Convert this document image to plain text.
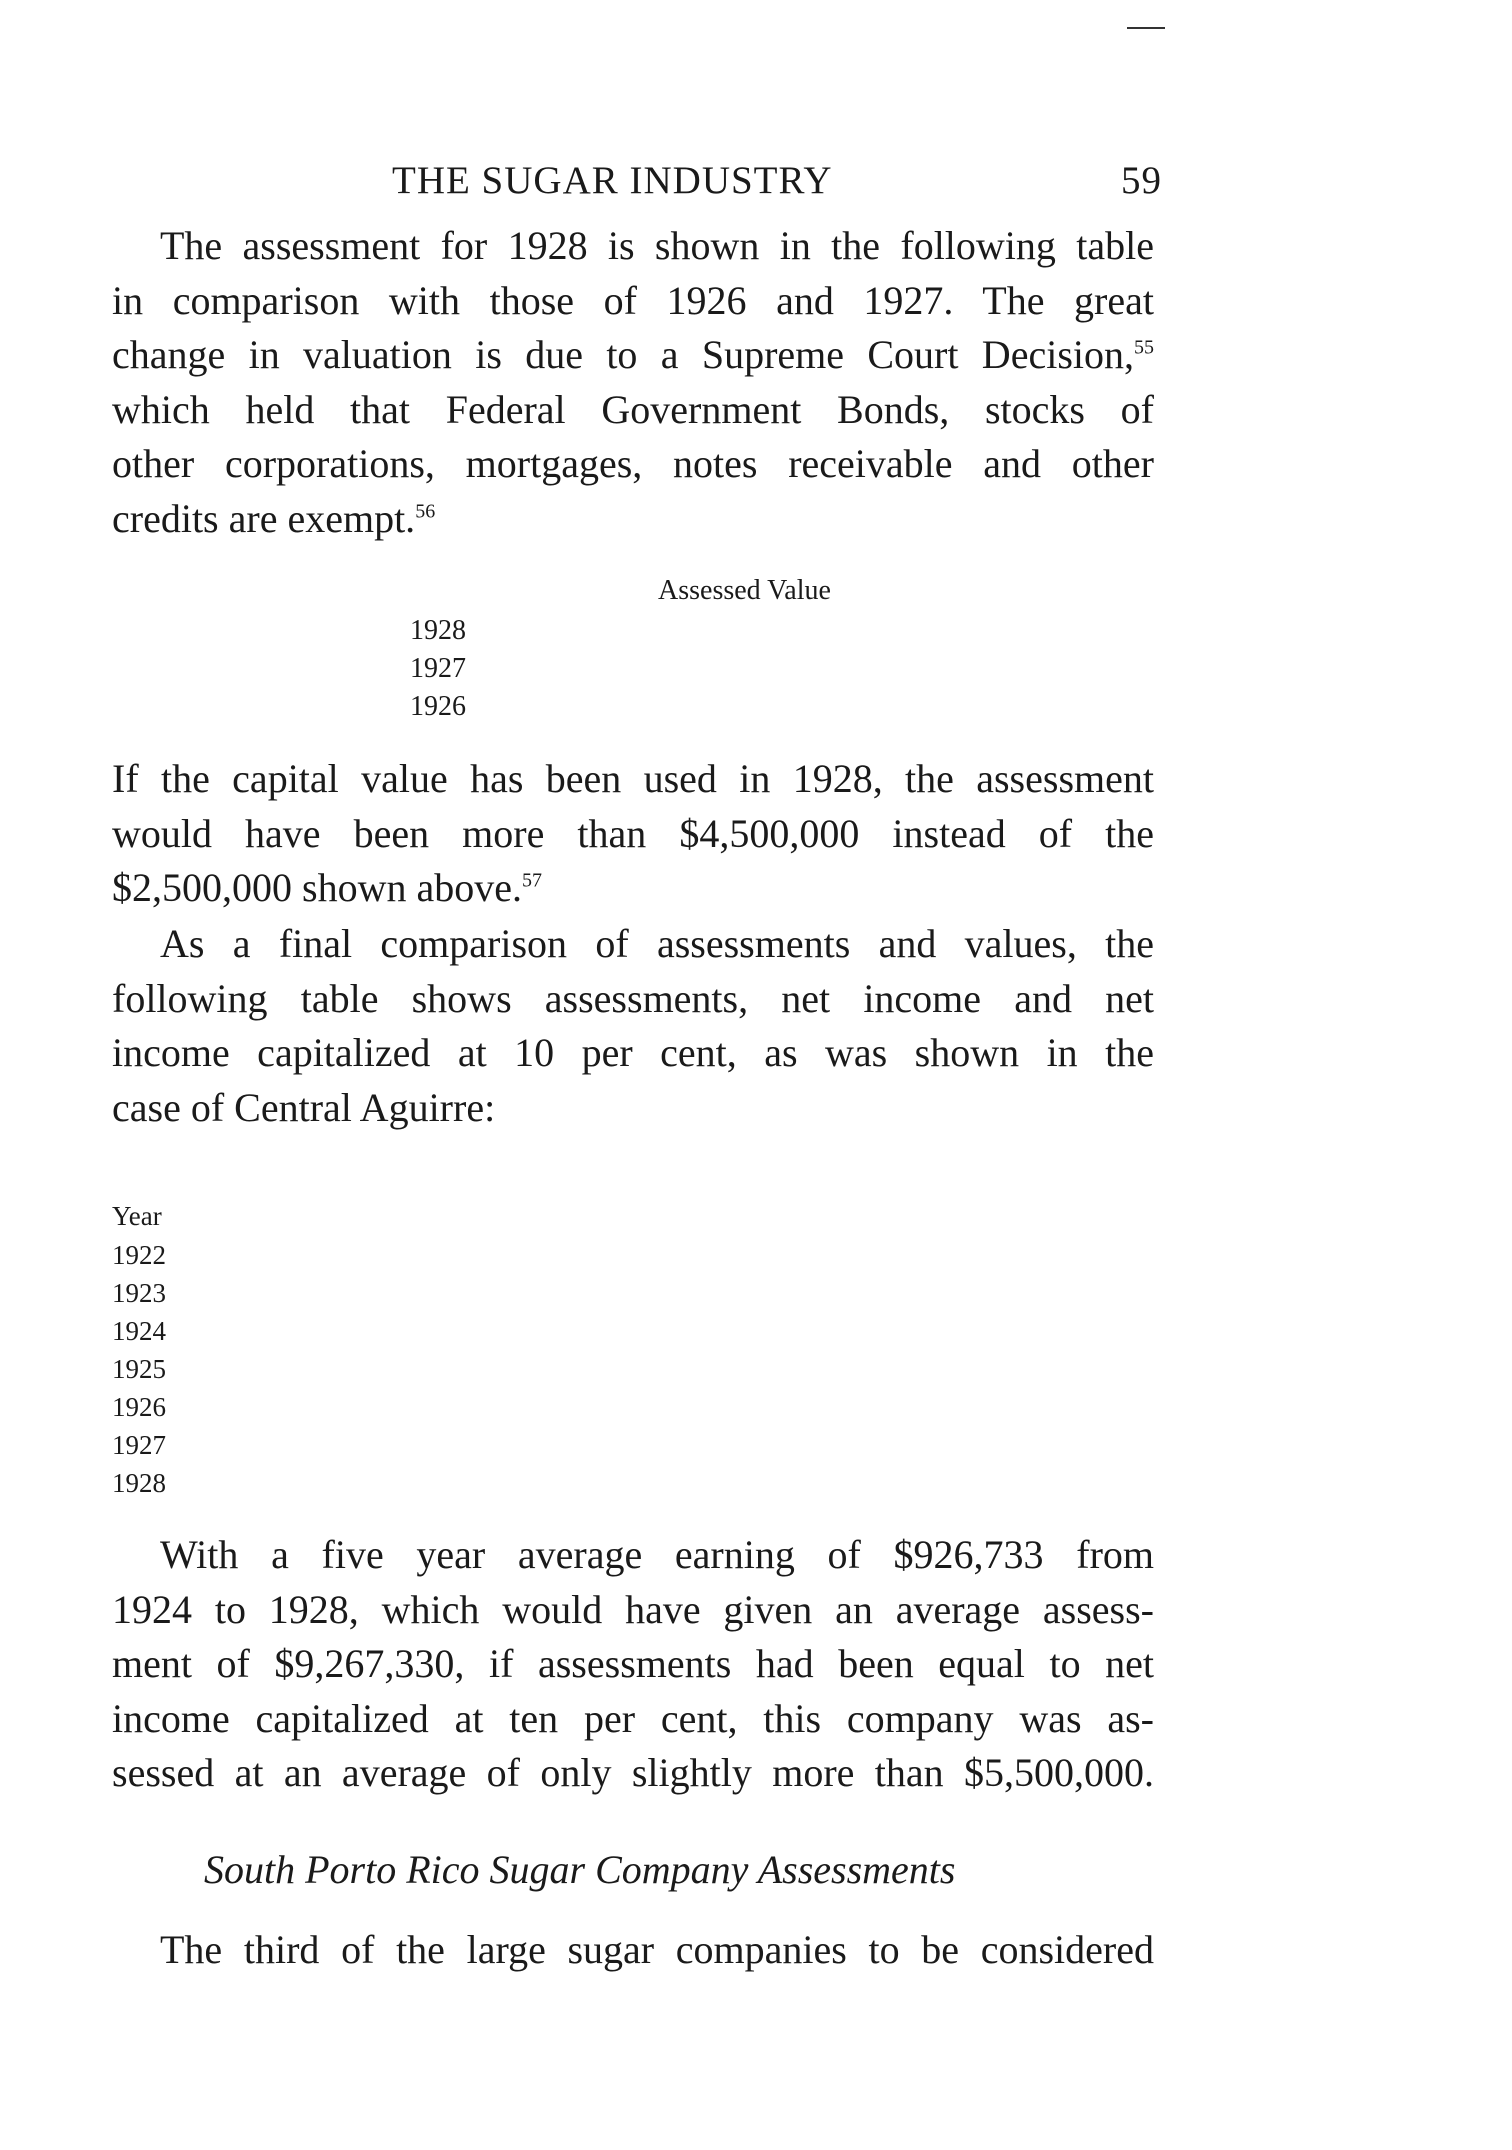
THE SUGAR INDUSTRY	59

The assessment for 1928 is shown in the following table
in comparison with those of 1926 and 1927. The great
change in valuation is due to a Supreme Court Decision,$^{55}$
which held that Federal Government Bonds, stocks of
other corporations, mortgages, notes receivable and other
credits are exempt.$^{56}$

Assessed Value
1928
1927
1926

If the capital value has been used in 1928, the assessment
would have been more than $4,500,000 instead of the
$2,500,000 shown above.$^{57}$

As a final comparison of assessments and values, the
following table shows assessments, net income and net
income capitalized at 10 per cent, as was shown in the
case of Central Aguirre:

Year
1922
1923
1924
1925
1926
1927
1928

With a five year average earning of $926,733 from
1924 to 1928, which would have given an average assess-
ment of $9,267,330, if assessments had been equal to net
income capitalized at ten per cent, this company was as-
sessed at an average of only slightly more than $5,500,000.

South Porto Rico Sugar Company Assessments

The third of the large sugar companies to be considered
